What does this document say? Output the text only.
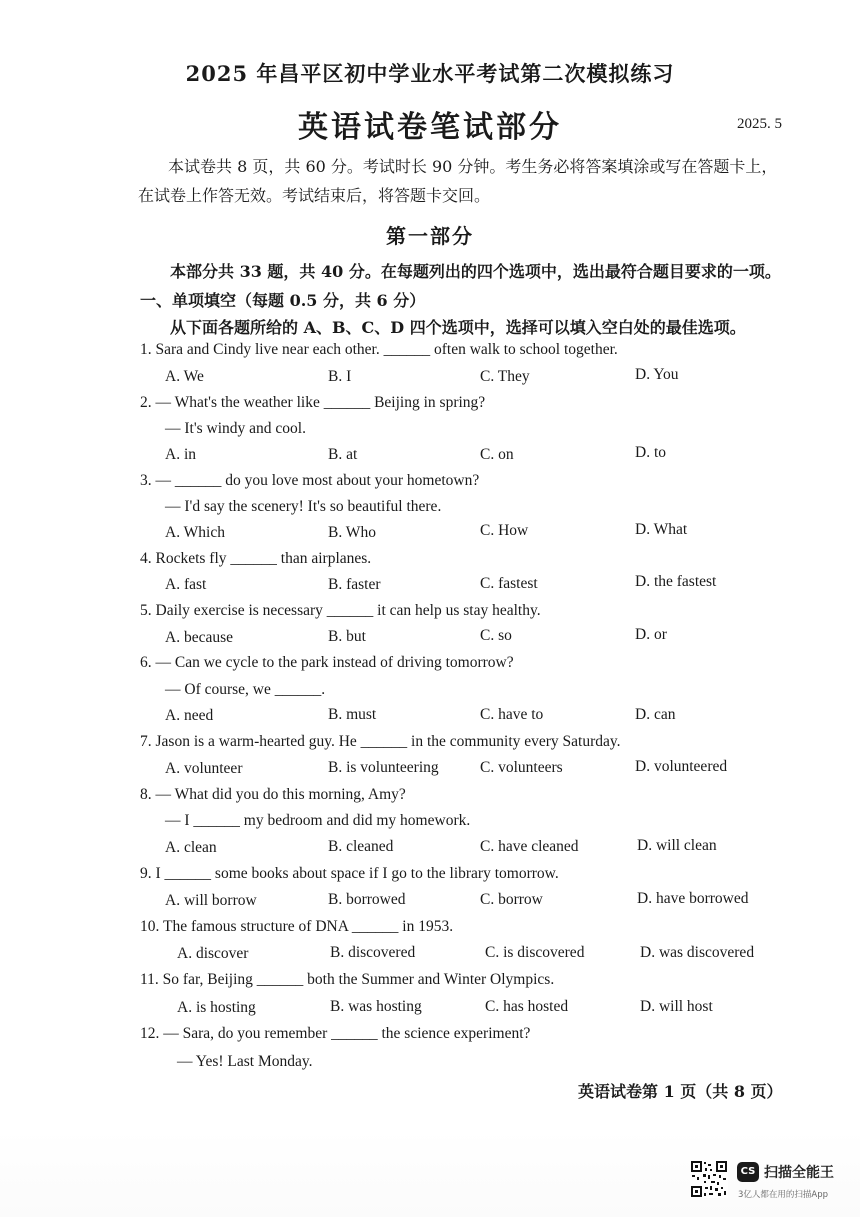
2025 年昌平区初中学业水平考试第二次模拟练习
英语试卷笔试部分	2025. 5
本试卷共 8 页，共 60 分。考试时长 90 分钟。考生务必将答案填涂或写在答题卡上，在试卷上作答无效。考试结束后，将答题卡交回。
第一部分
本部分共 33 题，共 40 分。在每题列出的四个选项中，选出最符合题目要求的一项。
一、单项填空（每题 0.5 分，共 6 分）
从下面各题所给的 A、B、C、D 四个选项中，选择可以填入空白处的最佳选项。
1. Sara and Cindy live near each other. ______ often walk to school together.
A. We	B. I	C. They	D. You
2. — What's the weather like ______ Beijing in spring?
— It's windy and cool.
A. in	B. at	C. on	D. to
3. — ______ do you love most about your hometown?
— I'd say the scenery! It's so beautiful there.
A. Which	B. Who	C. How	D. What
4. Rockets fly ______ than airplanes.
A. fast	B. faster	C. fastest	D. the fastest
5. Daily exercise is necessary ______ it can help us stay healthy.
A. because	B. but	C. so	D. or
6. — Can we cycle to the park instead of driving tomorrow?
— Of course, we ______.
A. need	B. must	C. have to	D. can
7. Jason is a warm-hearted guy. He ______ in the community every Saturday.
A. volunteer	B. is volunteering	C. volunteers	D. volunteered
8. — What did you do this morning, Amy?
— I ______ my bedroom and did my homework.
A. clean	B. cleaned	C. have cleaned	D. will clean
9. I ______ some books about space if I go to the library tomorrow.
A. will borrow	B. borrowed	C. borrow	D. have borrowed
10. The famous structure of DNA ______ in 1953.
A. discover	B. discovered	C. is discovered	D. was discovered
11. So far, Beijing ______ both the Summer and Winter Olympics.
A. is hosting	B. was hosting	C. has hosted	D. will host
12. — Sara, do you remember ______ the science experiment?
— Yes! Last Monday.
英语试卷第 1 页（共 8 页）
CS 扫描全能王
3亿人都在用的扫描App
